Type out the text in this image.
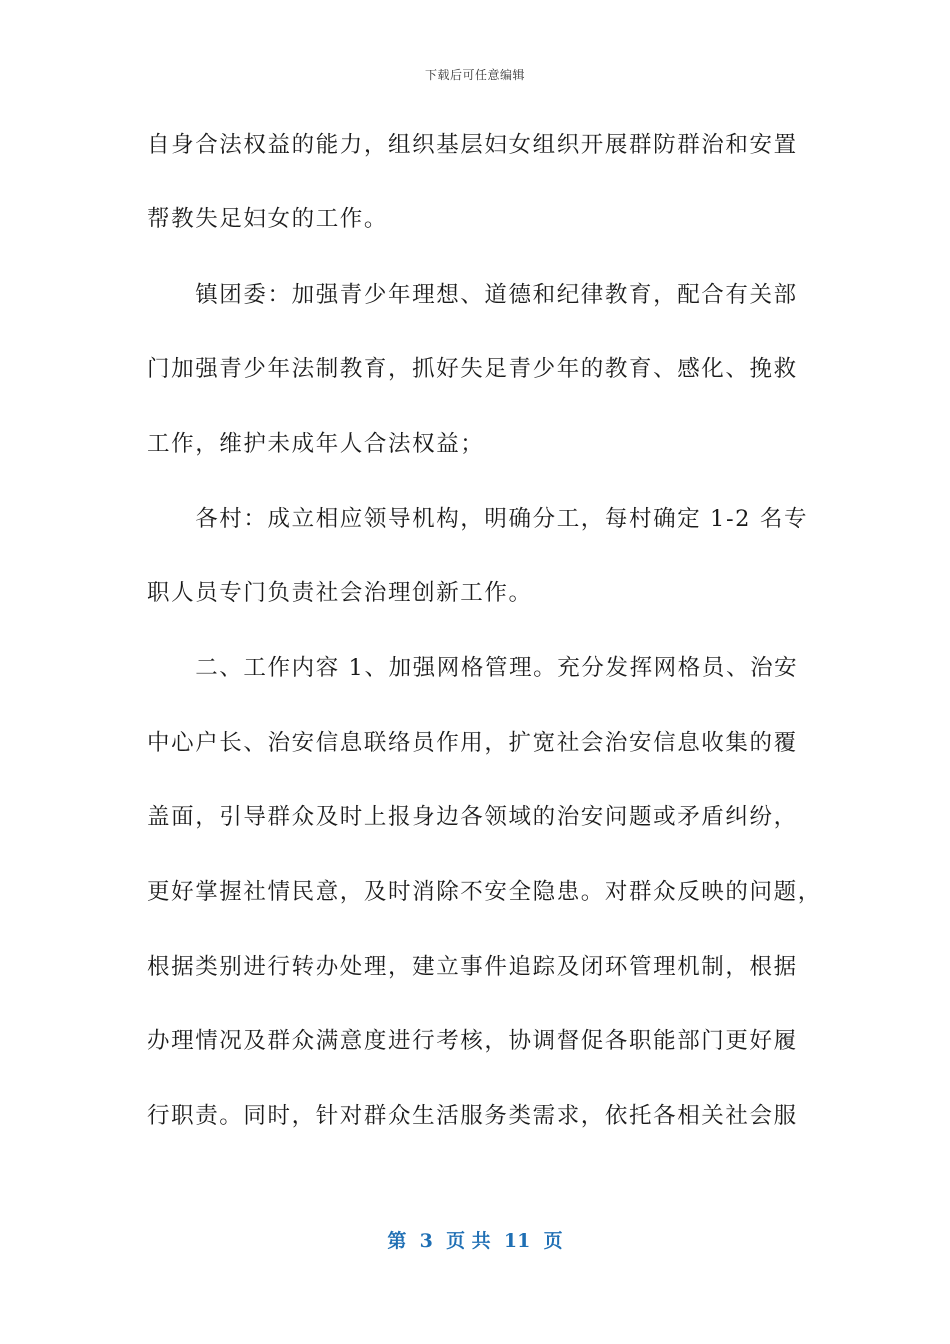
下载后可任意编辑
自身合法权益的能力，组织基层妇女组织开展群防群治和安置
帮教失足妇女的工作。
　　镇团委：加强青少年理想、道德和纪律教育，配合有关部
门加强青少年法制教育，抓好失足青少年的教育、感化、挽救
工作，维护未成年人合法权益；
　　各村：成立相应领导机构，明确分工，每村确定 1-2 名专
职人员专门负责社会治理创新工作。
　　二、工作内容 1、加强网格管理。充分发挥网格员、治安
中心户长、治安信息联络员作用，扩宽社会治安信息收集的覆
盖面，引导群众及时上报身边各领域的治安问题或矛盾纠纷，
更好掌握社情民意，及时消除不安全隐患。对群众反映的问题，
根据类别进行转办处理，建立事件追踪及闭环管理机制，根据
办理情况及群众满意度进行考核，协调督促各职能部门更好履
行职责。同时，针对群众生活服务类需求，依托各相关社会服
第  3  页 共  11  页
